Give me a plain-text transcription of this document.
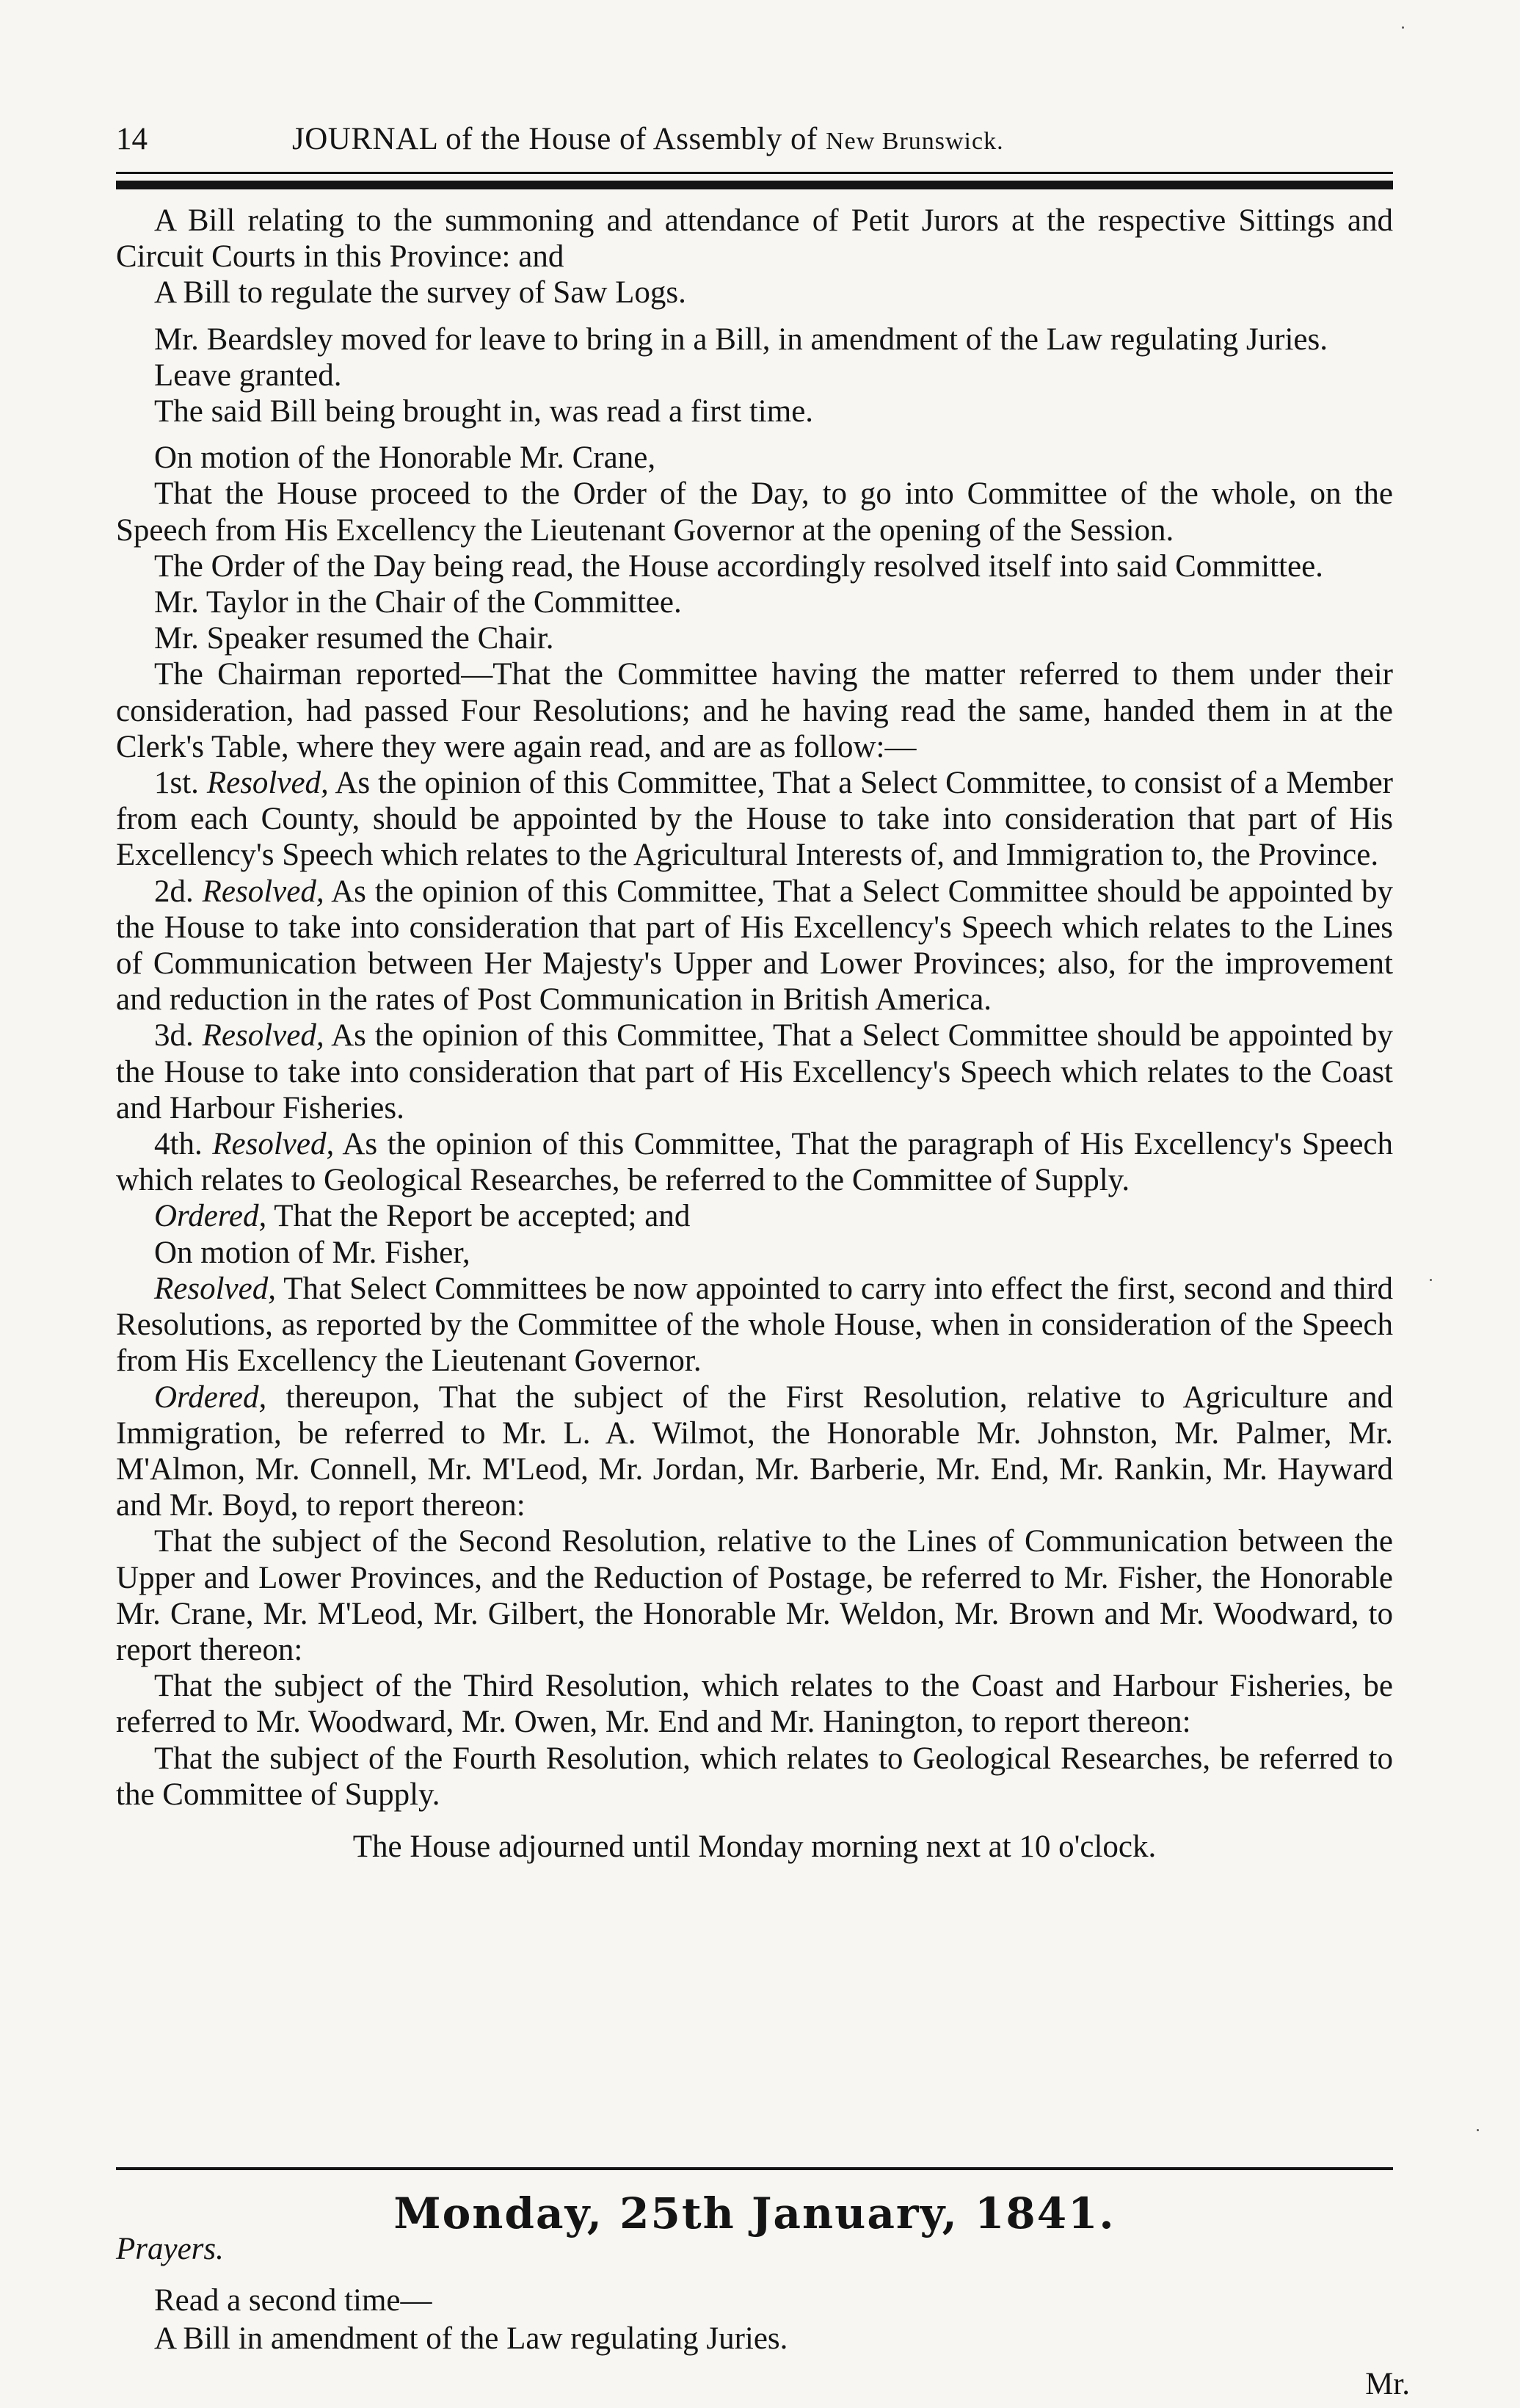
14	JOURNAL of the House of Assembly of New Brunswick.

A Bill relating to the summoning and attendance of Petit Jurors at the respective Sittings and Circuit Courts in this Province: and

A Bill to regulate the survey of Saw Logs.

Mr. Beardsley moved for leave to bring in a Bill, in amendment of the Law regulating Juries.

Leave granted.

The said Bill being brought in, was read a first time.

On motion of the Honorable Mr. Crane,

That the House proceed to the Order of the Day, to go into Committee of the whole, on the Speech from His Excellency the Lieutenant Governor at the opening of the Session.

The Order of the Day being read, the House accordingly resolved itself into said Committee.

Mr. Taylor in the Chair of the Committee.

Mr. Speaker resumed the Chair.

The Chairman reported—That the Committee having the matter referred to them under their consideration, had passed Four Resolutions; and he having read the same, handed them in at the Clerk's Table, where they were again read, and are as follow:—

1st. Resolved, As the opinion of this Committee, That a Select Committee, to consist of a Member from each County, should be appointed by the House to take into consideration that part of His Excellency's Speech which relates to the Agricultural Interests of, and Immigration to, the Province.

2d. Resolved, As the opinion of this Committee, That a Select Committee should be appointed by the House to take into consideration that part of His Excellency's Speech which relates to the Lines of Communication between Her Majesty's Upper and Lower Provinces; also, for the improvement and reduction in the rates of Post Communication in British America.

3d. Resolved, As the opinion of this Committee, That a Select Committee should be appointed by the House to take into consideration that part of His Excellency's Speech which relates to the Coast and Harbour Fisheries.

4th. Resolved, As the opinion of this Committee, That the paragraph of His Excellency's Speech which relates to Geological Researches, be referred to the Committee of Supply.

Ordered, That the Report be accepted; and

On motion of Mr. Fisher,

Resolved, That Select Committees be now appointed to carry into effect the first, second and third Resolutions, as reported by the Committee of the whole House, when in consideration of the Speech from His Excellency the Lieutenant Governor.

Ordered, thereupon, That the subject of the First Resolution, relative to Agriculture and Immigration, be referred to Mr. L. A. Wilmot, the Honorable Mr. Johnston, Mr. Palmer, Mr. M'Almon, Mr. Connell, Mr. M'Leod, Mr. Jordan, Mr. Barberie, Mr. End, Mr. Rankin, Mr. Hayward and Mr. Boyd, to report thereon:

That the subject of the Second Resolution, relative to the Lines of Communication between the Upper and Lower Provinces, and the Reduction of Postage, be referred to Mr. Fisher, the Honorable Mr. Crane, Mr. M'Leod, Mr. Gilbert, the Honorable Mr. Weldon, Mr. Brown and Mr. Woodward, to report thereon:

That the subject of the Third Resolution, which relates to the Coast and Harbour Fisheries, be referred to Mr. Woodward, Mr. Owen, Mr. End and Mr. Hanington, to report thereon:

That the subject of the Fourth Resolution, which relates to Geological Researches, be referred to the Committee of Supply.

The House adjourned until Monday morning next at 10 o'clock.

Monday, 25th January, 1841.

Prayers.

Read a second time—

A Bill in amendment of the Law regulating Juries.

Mr.
